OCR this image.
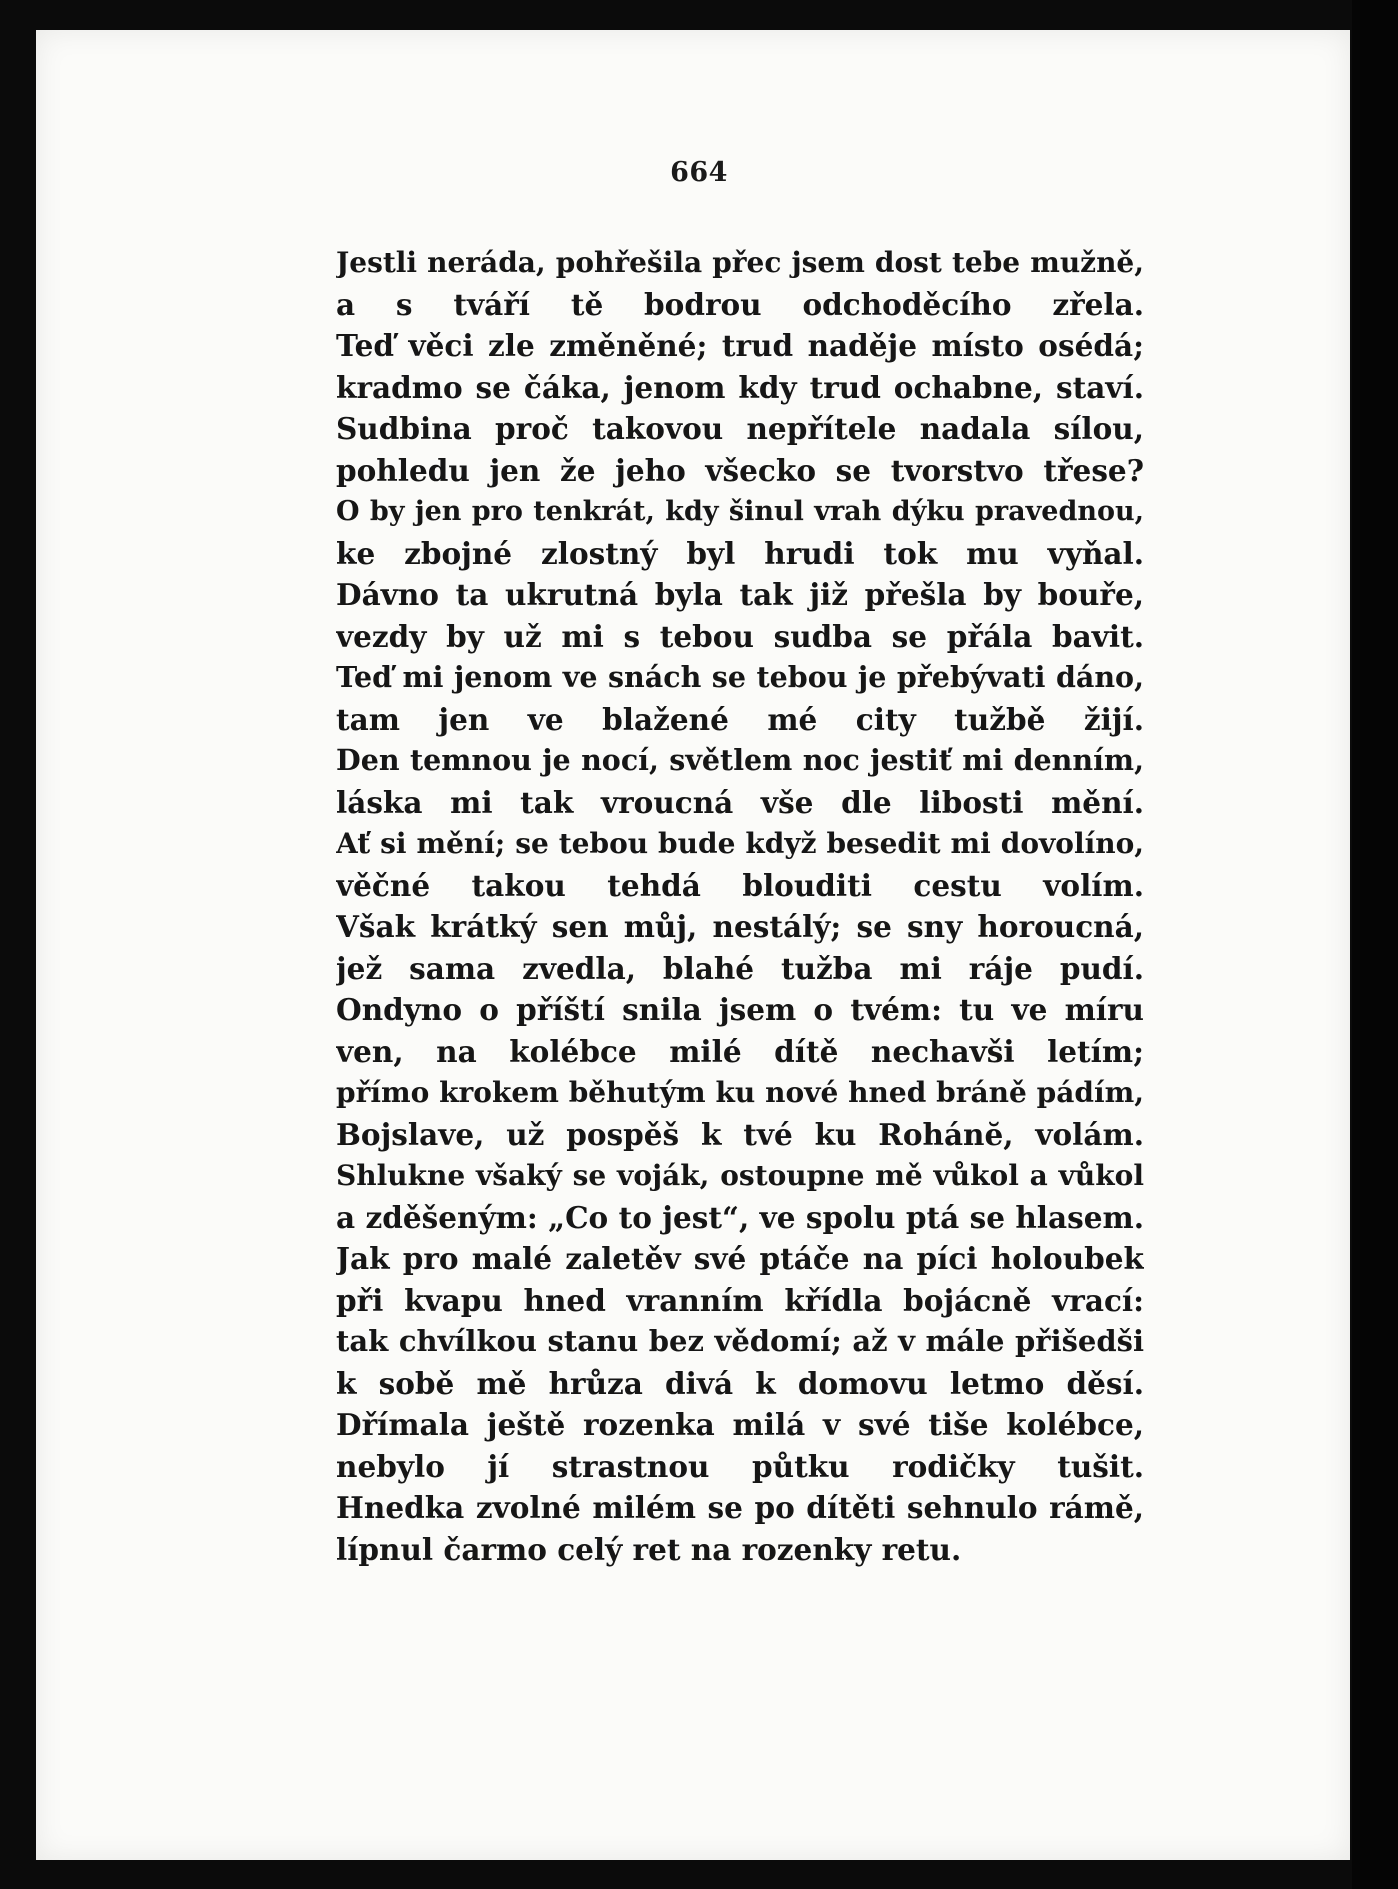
664
Jestli neráda, pohřešila přec jsem dost tebe mužně,
a s tváří tě bodrou odchoděcího zřela.
Teď věci zle změněné; trud naděje místo osédá;
kradmo se čáka, jenom kdy trud ochabne, staví.
Sudbina proč takovou nepřítele nadala sílou,
pohledu jen že jeho všecko se tvorstvo třese?
O by jen pro tenkrát, kdy šinul vrah dýku pravednou,
ke zbojné zlostný byl hrudi tok mu vyňal.
Dávno ta ukrutná byla tak již přešla by bouře,
vezdy by už mi s tebou sudba se přála bavit.
Teď mi jenom ve snách se tebou je přebývati dáno,
tam jen ve blažené mé city tužbě žijí.
Den temnou je nocí, světlem noc jestiť mi denním,
láska mi tak vroucná vše dle libosti mění.
Ať si mění; se tebou bude když besedit mi dovolíno,
věčné takou tehdá blouditi cestu volím.
Však krátký sen můj, nestálý; se sny horoucná,
jež sama zvedla, blahé tužba mi ráje pudí.
Ondyno o příští snila jsem o tvém: tu ve míru
ven, na kolébce milé dítě nechavši letím;
přímo krokem běhutým ku nové hned bráně pádím,
Bojslave, už pospěš k tvé ku Rohánĕ, volám.
Shlukne všaký se voják, ostoupne mě vůkol a vůkol
a zděšeným: „Co to jest“, ve spolu ptá se hlasem.
Jak pro malé zaletěv své ptáče na píci holoubek
při kvapu hned vranním křídla bojácně vrací:
tak chvílkou stanu bez vědomí; až v mále přišedši
k sobě mě hrůza divá k domovu letmo děsí.
Dřímala ještě rozenka milá v své tiše kolébce,
nebylo jí strastnou půtku rodičky tušit.
Hnedka zvolné milém se po dítěti sehnulo rámě,
lípnul čarmo celý ret na rozenky retu.
